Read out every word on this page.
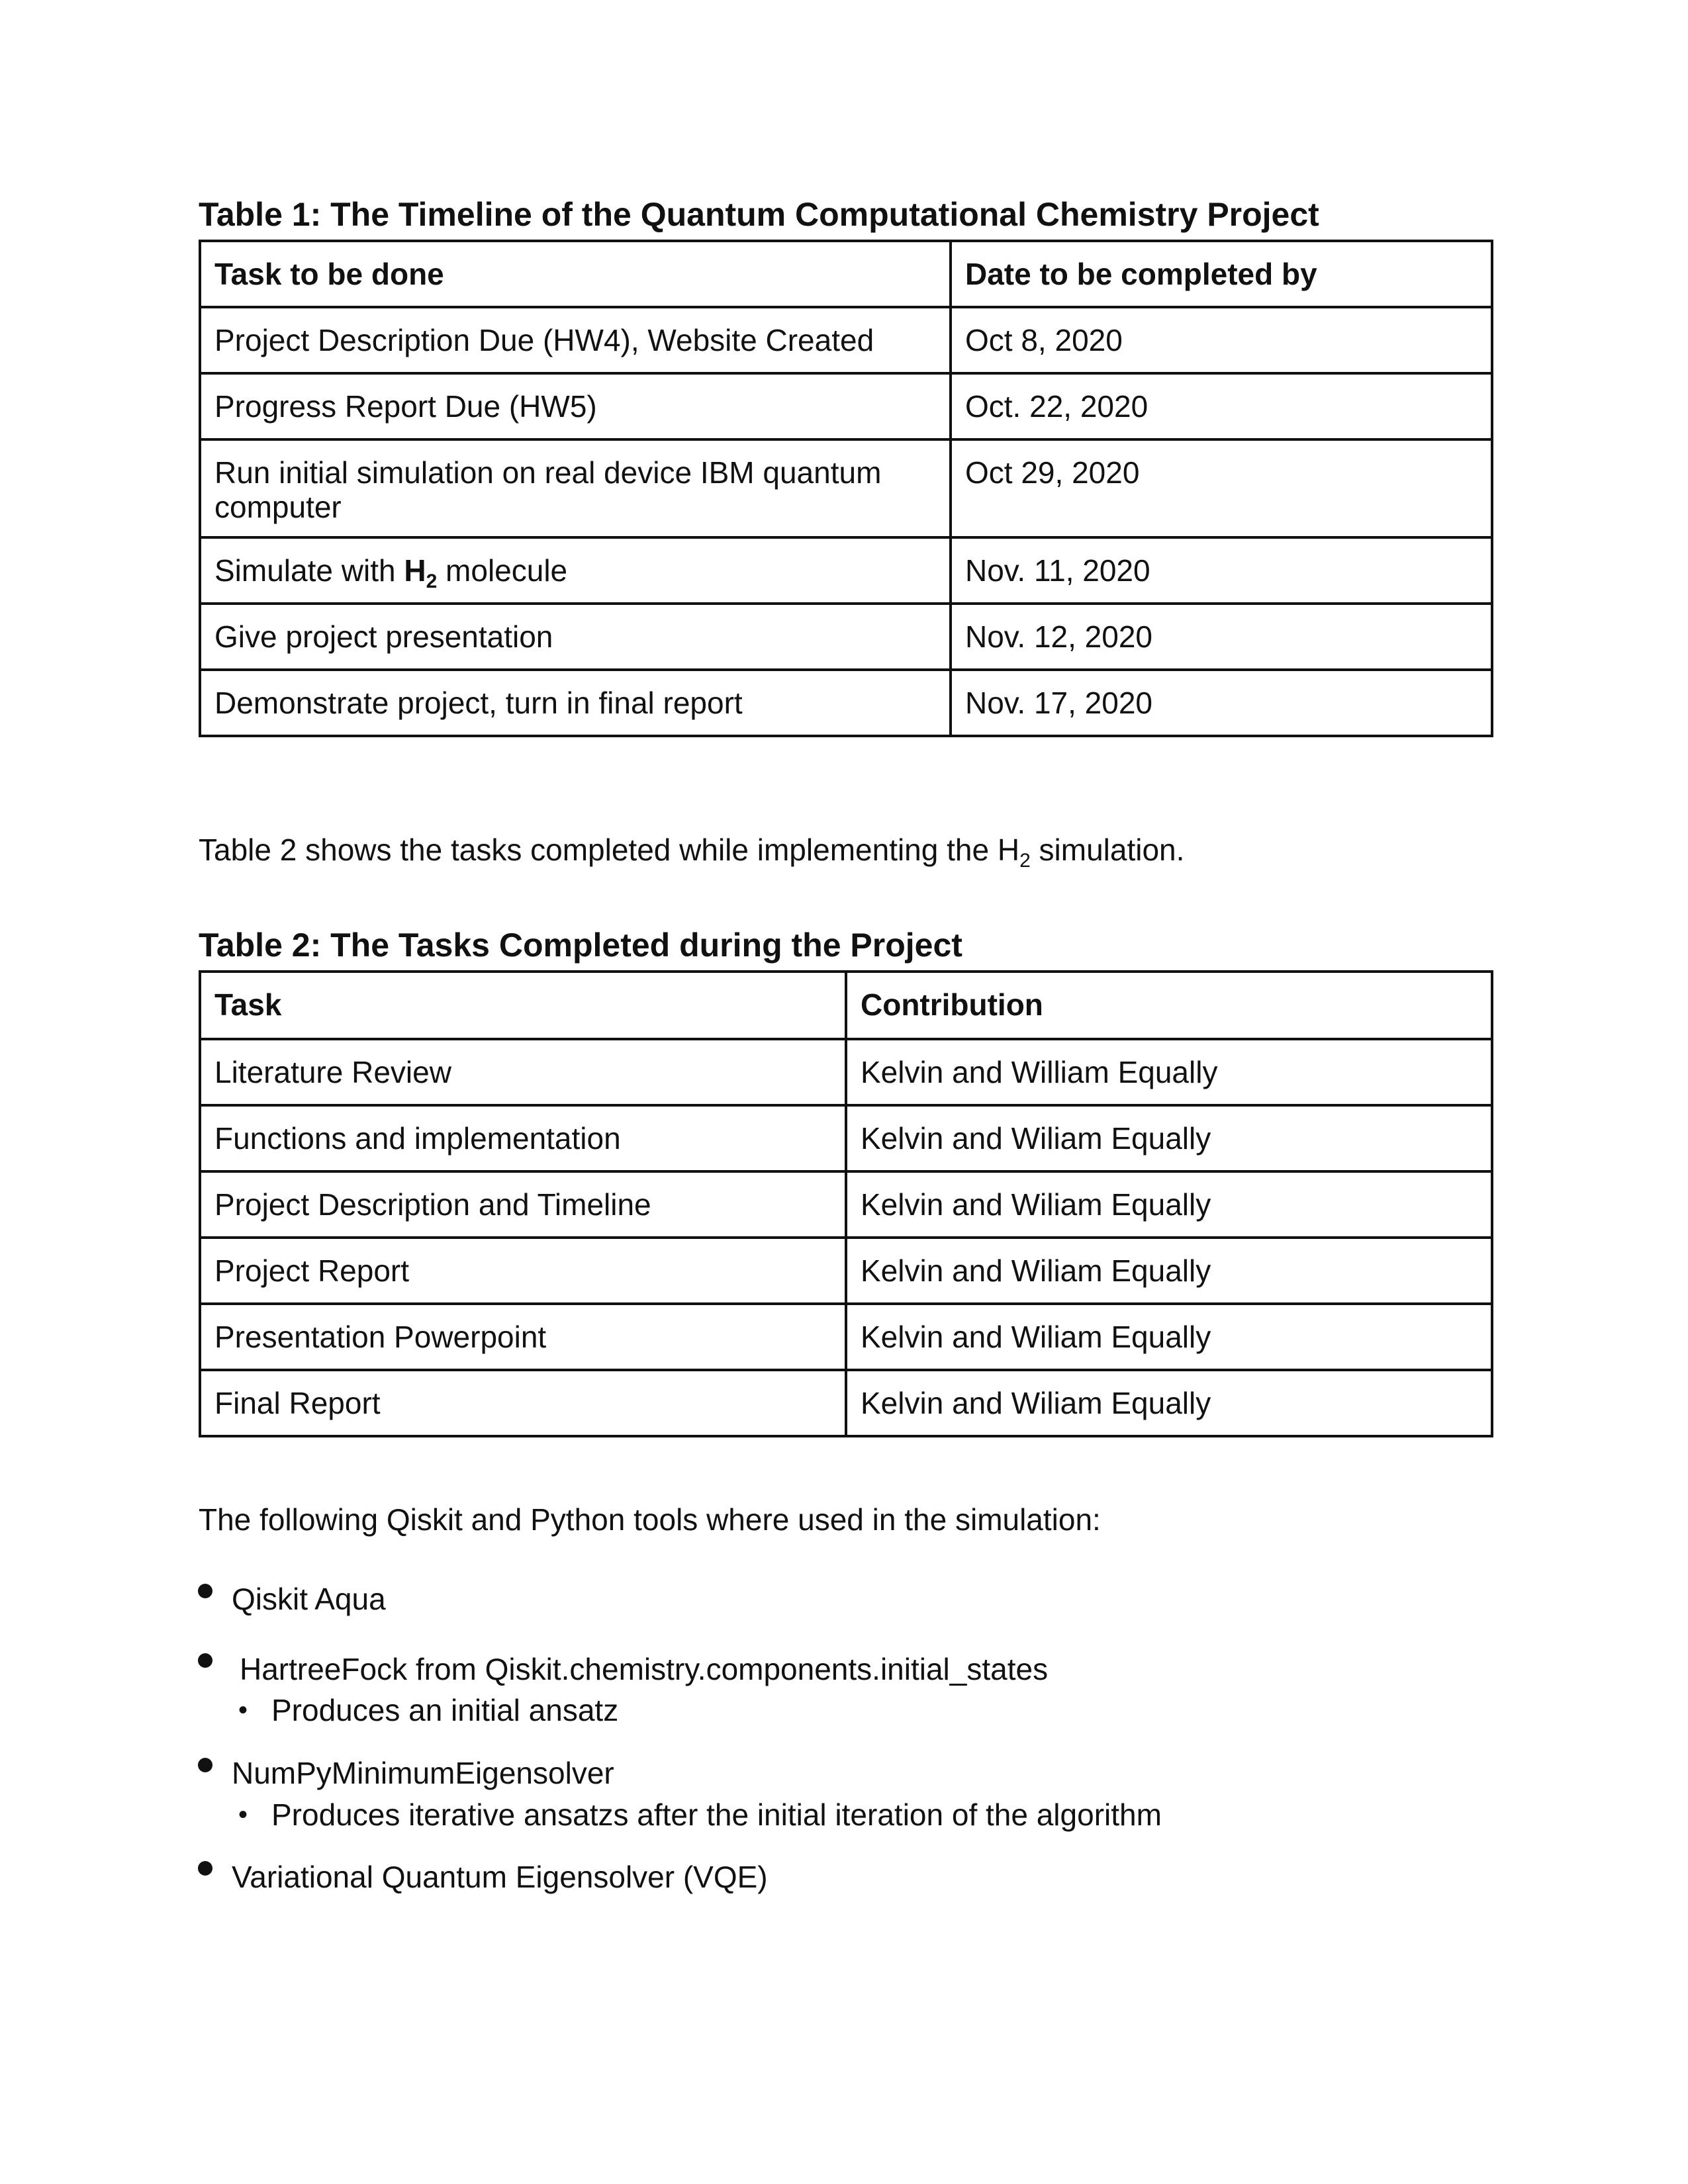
Table 1: The Timeline of the Quantum Computational Chemistry Project
Task to be done	Date to be completed by

Project Description Due (HW4), Website Created	Oct 8, 2020

Progress Report Due (HW5)	Oct. 22, 2020

Run initial simulation on real device IBM quantum computer	Oct 29, 2020

Simulate with $H_2$ molecule	Nov. 11, 2020

Give project presentation	Nov. 12, 2020

Demonstrate project, turn in final report	Nov. 17, 2020
Table 2 shows the tasks completed while implementing the $H_2$ simulation.
Table 2: The Tasks Completed during the Project
Task	Contribution

Literature Review	Kelvin and William Equally

Functions and implementation	Kelvin and Wiliam Equally

Project Description and Timeline	Kelvin and Wiliam Equally

Project Report	Kelvin and Wiliam Equally

Presentation Powerpoint	Kelvin and Wiliam Equally

Final Report	Kelvin and Wiliam Equally
The following Qiskit and Python tools where used in the simulation:
Qiskit Aqua
HartreeFock from Qiskit.chemistry.components.initial_states
• Produces an initial ansatz
NumPyMinimumEigensolver
• Produces iterative ansatzs after the initial iteration of the algorithm
Variational Quantum Eigensolver (VQE)
